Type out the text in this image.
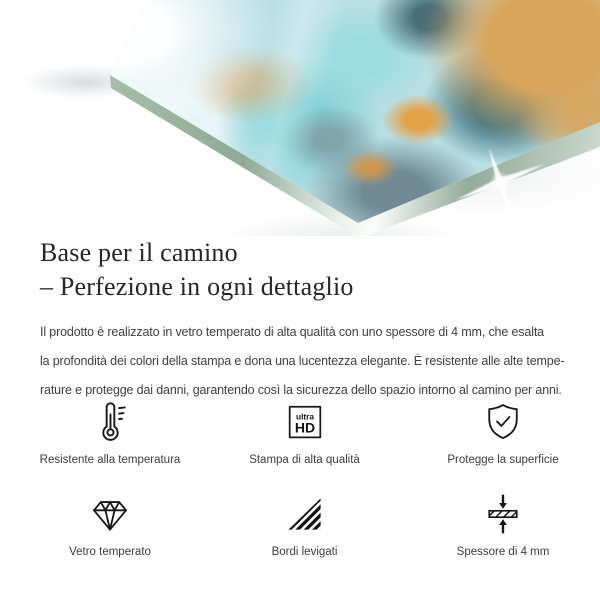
Base per il camino
– Perfezione in ogni dettaglio

Il prodotto è realizzato in vetro temperato di alta qualità con uno spessore di 4 mm, che esalta
la profondità dei colori della stampa e dona una lucentezza elegante. È resistente alle alte tempe-
rature e protegge dai danni, garantendo così la sicurezza dello spazio intorno al camino per anni.

Resistente alla temperatura
ultra
HD
Stampa di alta qualità	Protegge la superficie
Vetro temperato	Bordi levigati	Spessore di 4 mm
